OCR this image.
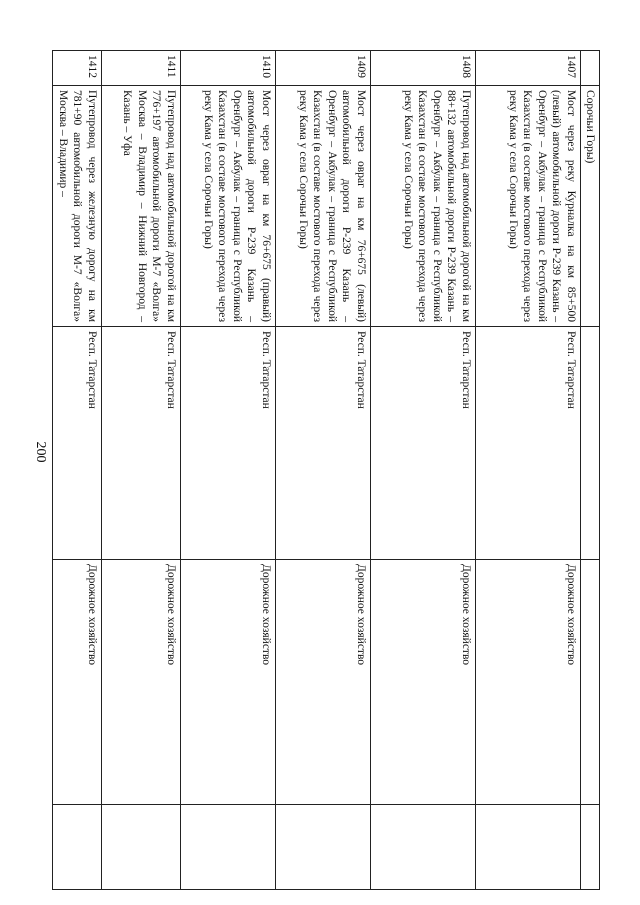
200
	Сорочьи Горы)			
1407	Мост через реку Курналка на км 85+500 (левый) автомобильной дороги Р-239 Казань – Оренбург – Акбулак – граница с Республикой Казахстан (в составе мостового перехода через реку Кама у села Сорочьи Горы)	Респ. Татарстан	Дорожное хозяйство	
1408	Путепровод над автомобильной дорогой на км 88+132 автомобильной дороги Р-239 Казань – Оренбург – Акбулак – граница с Республикой Казахстан (в составе мостового перехода через реку Кама у села Сорочьи Горы)	Респ. Татарстан	Дорожное хозяйство	
1409	Мост через овраг на км 76+675 (левый) автомобильной дороги Р-239 Казань – Оренбург – Акбулак – граница с Республикой Казахстан (в составе мостового перехода через реку Кама у села Сорочьи Горы)	Респ. Татарстан	Дорожное хозяйство	
1410	Мост через овраг на км 76+675 (правый) автомобильной дороги Р-239 Казань – Оренбург – Акбулак – граница с Республикой Казахстан (в составе мостового перехода через реку Кама у села Сорочьи Горы)	Респ. Татарстан	Дорожное хозяйство	
1411	Путепровод над автомобильной дорогой на км 776+197 автомобильной дороги М-7 «Волга» Москва – Владимир – Нижний Новгород – Казань – Уфа	Респ. Татарстан	Дорожное хозяйство	
1412	Путепровод через железную дорогу на км 781+90 автомобильной дороги М-7 «Волга» Москва – Владимир –	Респ. Татарстан	Дорожное хозяйство	
